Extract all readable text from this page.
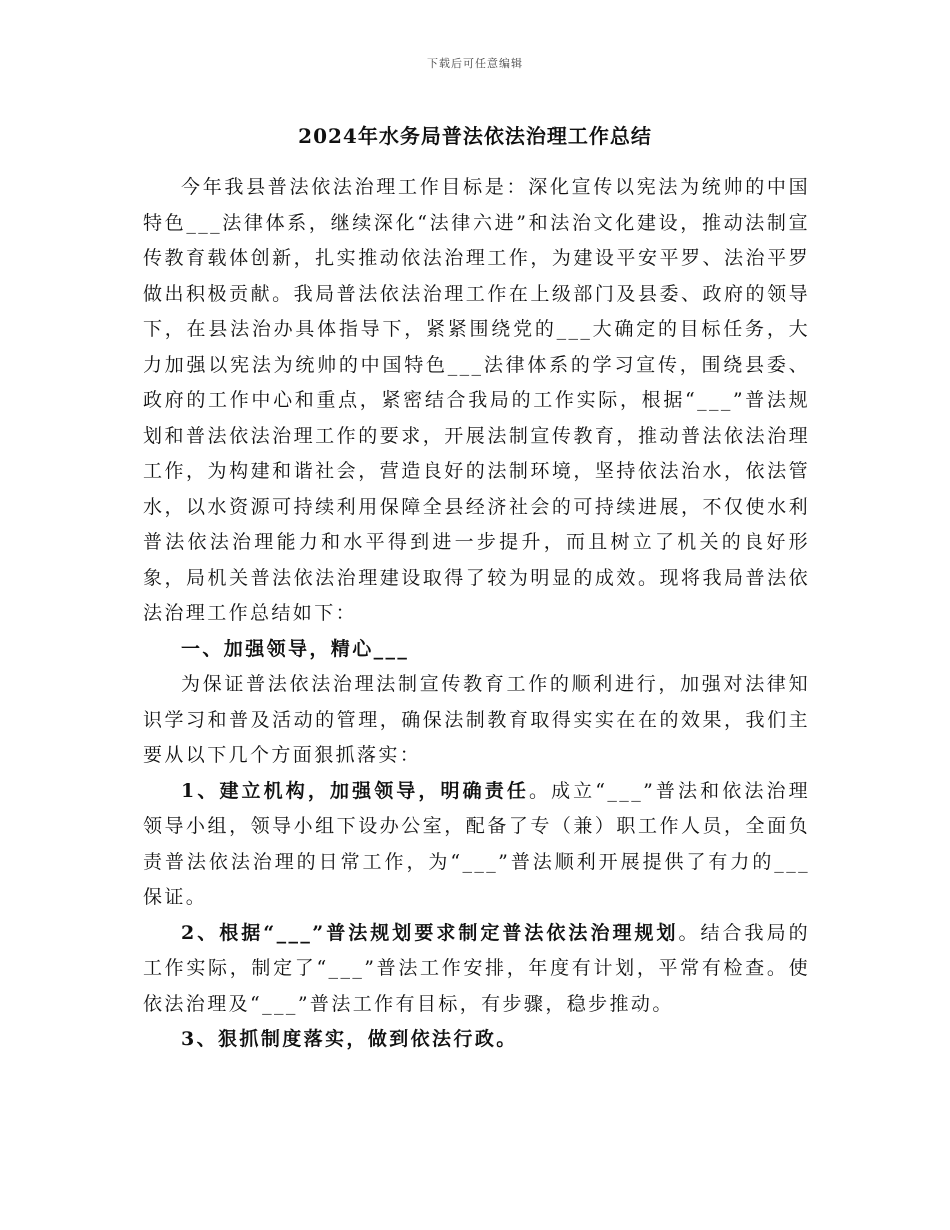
下载后可任意编辑
2024年水务局普法依法治理工作总结

今年我县普法依法治理工作目标是：深化宣传以宪法为统帅的中国特色___法律体系，继续深化“法律六进”和法治文化建设，推动法制宣传教育载体创新，扎实推动依法治理工作，为建设平安平罗、法治平罗做出积极贡献。我局普法依法治理工作在上级部门及县委、政府的领导下，在县法治办具体指导下，紧紧围绕党的___大确定的目标任务，大力加强以宪法为统帅的中国特色___法律体系的学习宣传，围绕县委、政府的工作中心和重点，紧密结合我局的工作实际，根据“___”普法规划和普法依法治理工作的要求，开展法制宣传教育，推动普法依法治理工作，为构建和谐社会，营造良好的法制环境，坚持依法治水，依法管水，以水资源可持续利用保障全县经济社会的可持续进展，不仅使水利普法依法治理能力和水平得到进一步提升，而且树立了机关的良好形象，局机关普法依法治理建设取得了较为明显的成效。现将我局普法依法治理工作总结如下：

一、加强领导，精心___

为保证普法依法治理法制宣传教育工作的顺利进行，加强对法律知识学习和普及活动的管理，确保法制教育取得实实在在的效果，我们主要从以下几个方面狠抓落实：

1、建立机构，加强领导，明确责任。成立“___”普法和依法治理领导小组，领导小组下设办公室，配备了专（兼）职工作人员，全面负责普法依法治理的日常工作，为“___”普法顺利开展提供了有力的___保证。

2、根据“___”普法规划要求制定普法依法治理规划。结合我局的工作实际，制定了“___”普法工作安排，年度有计划，平常有检查。使依法治理及“___”普法工作有目标，有步骤，稳步推动。

3、狠抓制度落实，做到依法行政。
